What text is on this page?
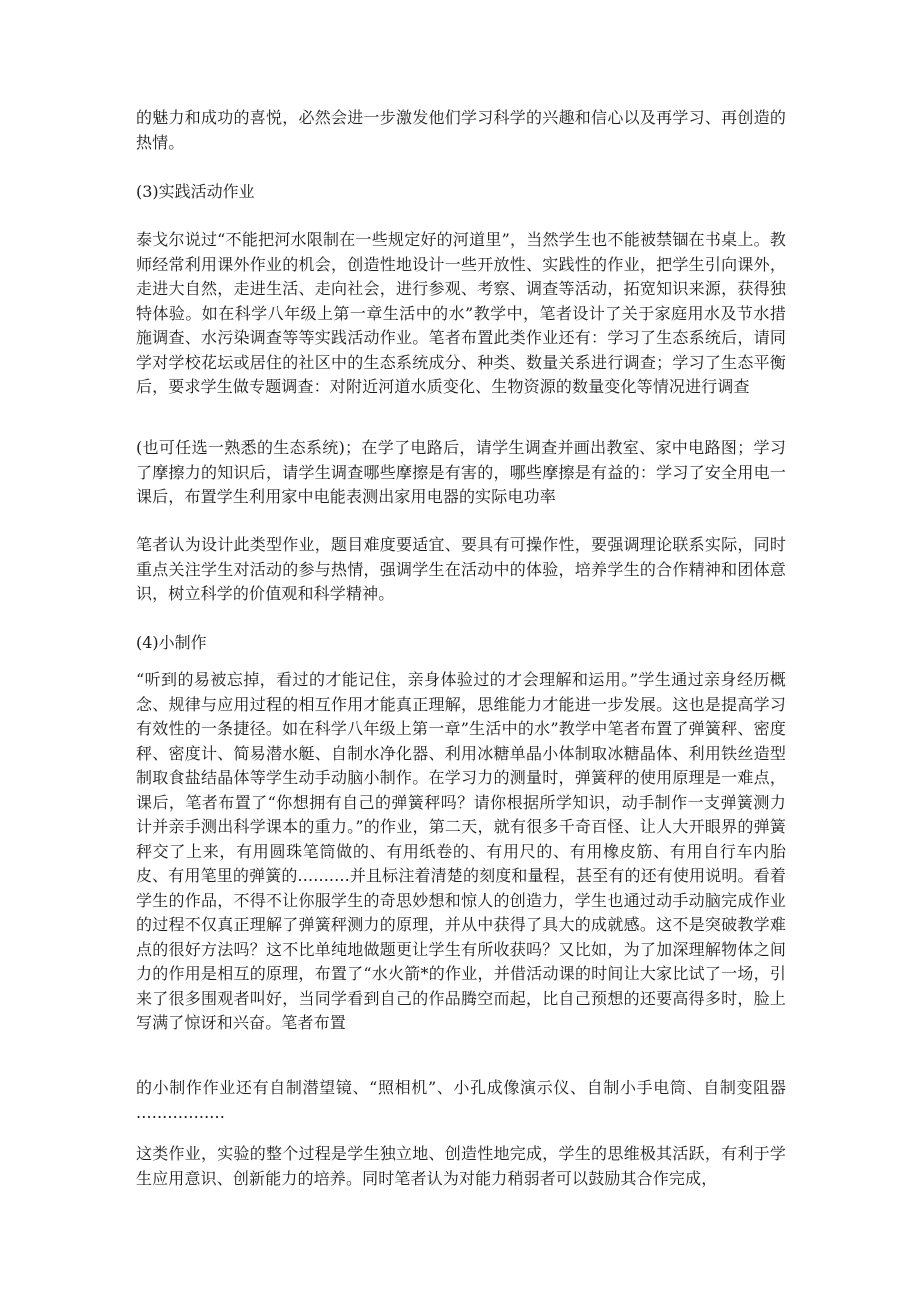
的魅力和成功的喜悦，必然会进一步激发他们学习科学的兴趣和信心以及再学习、再创造的热情。

(3)实践活动作业

泰戈尔说过“不能把河水限制在一些规定好的河道里”，当然学生也不能被禁锢在书桌上。教师经常利用课外作业的机会，创造性地设计一些开放性、实践性的作业，把学生引向课外，走进大自然，走进生活、走向社会，进行参观、考察、调查等活动，拓宽知识来源，获得独特体验。如在科学八年级上第一章生活中的水”教学中，笔者设计了关于家庭用水及节水措施调查、水污染调查等等实践活动作业。笔者布置此类作业还有：学习了生态系统后，请同学对学校花坛或居住的社区中的生态系统成分、种类、数量关系进行调查；学习了生态平衡后，要求学生做专题调查：对附近河道水质变化、生物资源的数量变化等情况进行调查

(也可任选一熟悉的生态系统)；在学了电路后，请学生调查并画出教室、家中电路图；学习了摩擦力的知识后，请学生调查哪些摩擦是有害的，哪些摩擦是有益的：学习了安全用电一课后，布置学生利用家中电能表测出家用电器的实际电功率

笔者认为设计此类型作业，题目难度要适宜、要具有可操作性，要强调理论联系实际，同时重点关注学生对活动的参与热情，强调学生在活动中的体验，培养学生的合作精神和团体意识，树立科学的价值观和科学精神。

(4)小制作

“听到的易被忘掉，看过的才能记住，亲身体验过的才会理解和运用。”学生通过亲身经历概念、规律与应用过程的相互作用才能真正理解，思维能力才能进一步发展。这也是提高学习有效性的一条捷径。如在科学八年级上第一章”生活中的水”教学中笔者布置了弹簧秤、密度秤、密度计、简易潜水艇、自制水净化器、利用冰糖单晶小体制取冰糖晶体、利用铁丝造型制取食盐结晶体等学生动手动脑小制作。在学习力的测量时，弹簧秤的使用原理是一难点，课后，笔者布置了“你想拥有自己的弹簧秤吗？请你根据所学知识，动手制作一支弹簧测力计并亲手测出科学课本的重力。”的作业，第二天，就有很多千奇百怪、让人大开眼界的弹簧秤交了上来，有用圆珠笔筒做的、有用纸卷的、有用尺的、有用橡皮筋、有用自行车内胎皮、有用笔里的弹簧的..........并且标注着清楚的刻度和量程，甚至有的还有使用说明。看着学生的作品，不得不让你服学生的奇思妙想和惊人的创造力，学生也通过动手动脑完成作业的过程不仅真正理解了弹簧秤测力的原理，并从中获得了具大的成就感。这不是突破教学难点的很好方法吗？这不比单纯地做题更让学生有所收获吗？又比如，为了加深理解物体之间力的作用是相互的原理，布置了“水火箭*的作业，并借活动课的时间让大家比试了一场，引来了很多围观者叫好，当同学看到自己的作品腾空而起，比自己预想的还要高得多时，脸上写满了惊讶和兴奋。笔者布置

的小制作作业还有自制潜望镜、“照相机”、小孔成像演示仪、自制小手电筒、自制变阻器 .................

这类作业，实验的整个过程是学生独立地、创造性地完成，学生的思维极其活跃，有利于学生应用意识、创新能力的培养。同时笔者认为对能力稍弱者可以鼓励其合作完成，
